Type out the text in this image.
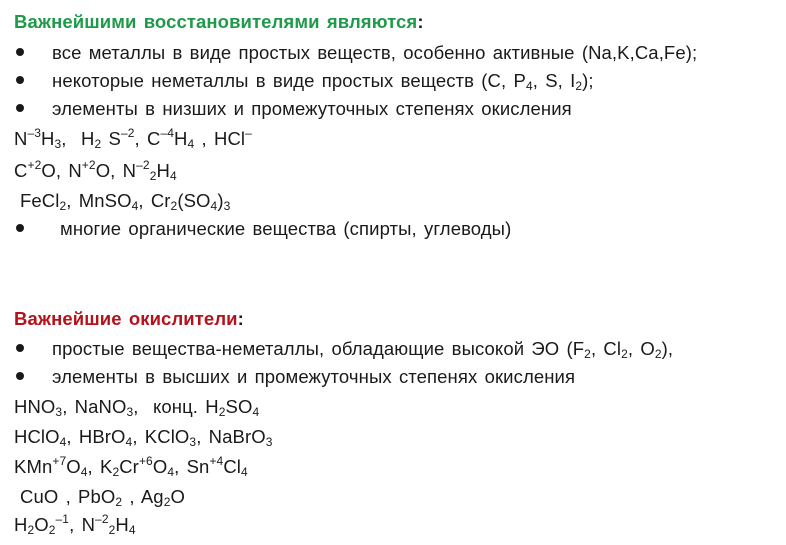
Важнейшими восстановителями являются:
все металлы в виде простых веществ, особенно активные (Na,K,Ca,Fe);
некоторые неметаллы в виде простых веществ (C, $P_4$, S, $I_2$);
элементы в низших и промежуточных степенях окисления
$N^{-3}H_3$,  $H_2$ $S^{-2}$, $C^{-4}H_4$ , HCl–
$C^{+2}O$, $N^{+2}O$, $N^{-2}_2H_4$
FeCl$_2$, MnSO$_4$, $Cr_2(SO_4)_3$
многие органические вещества (спирты, углеводы)
Важнейшие окислители:
простые вещества-неметаллы, обладающие высокой ЭО ($F_2$, $Cl_2$, $O_2$),
элементы в высших и промежуточных степенях окисления
$HNO_3$, NaNO$_3$,  конц. $H_2SO_4$
HClO$_4$, HBrO$_4$, KClO$_3$, NaBrO$_3$
$KMn^{+7}O_4$, $K_2Cr^{+6}O_4$, $Sn^{+4}Cl_4$
CuO , PbO$_2$ , $Ag_2O$
$H_2O_2^{-1}$, $N^{-2}_2H_4$
